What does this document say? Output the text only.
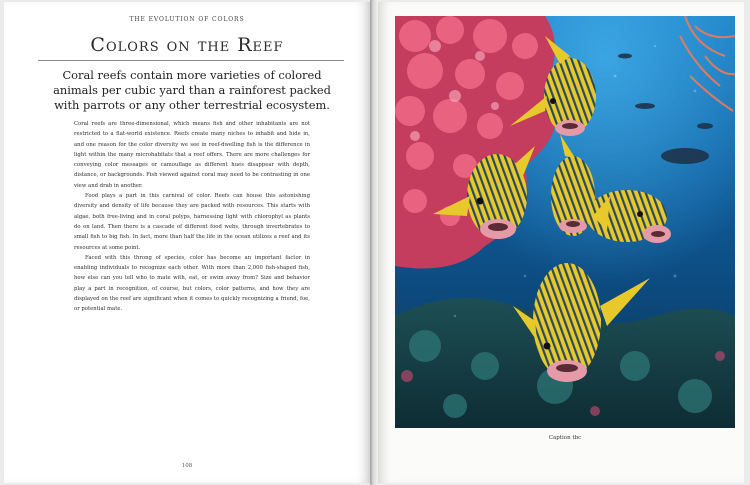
THE EVOLUTION OF COLORS
Colors on the Reef
Coral reefs contain more varieties of colored animals per cubic yard than a rainforest packed with parrots or any other terrestrial ecosystem.

Coral reefs are three-dimensional, which means fish and other inhabitants are not restricted to a flat-world existence. Reefs create many niches to inhabit and hide in, and one reason for the color diversity we see in reef-dwelling fish is the difference in light within the many microhabitats that a reef offers. There are more challenges for conveying color messages or camouflage as different hues disappear with depth, distance, or backgrounds. Fish viewed against coral may need to be contrasting in one view and drab in another.

Food plays a part in this carnival of color. Reefs can house this astonishing diversity and density of life because they are packed with resources. This starts with algae, both free-living and in coral polyps, harnessing light with chlorophyl as plants do on land. Then there is a cascade of different food webs, through invertebrates to small fish to big fish. In fact, more than half the life in the ocean utilizes a reef and its resources at some point.

Faced with this throng of species, color has become an important factor in enabling individuals to recognize each other. With more than 2,000 fish-shaped fish, how else can you tell who to mate with, eat, or swim away from? Size and behavior play a part in recognition, of course, but colors, color patterns, and how they are displayed on the reef are significant when it comes to quickly recognizing a friend, foe, or potential mate.

108
Caption tbc
